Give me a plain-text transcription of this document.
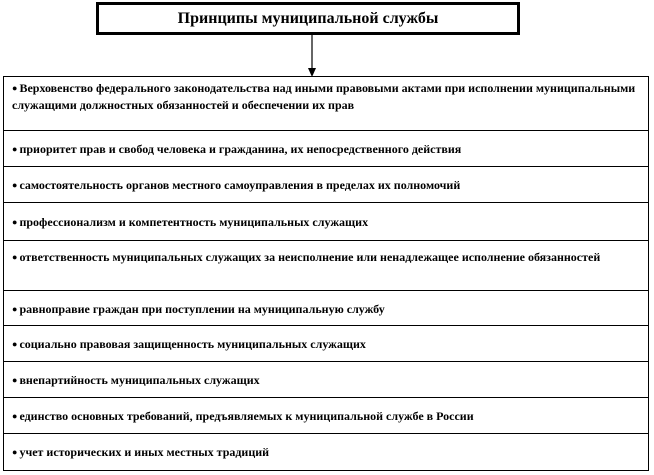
Принципы муниципальной службы
● Верховенство федерального законодательства над иными правовыми актами при исполнении муниципальными служащими должностных обязанностей и обеспечении их прав
● приоритет прав и свобод человека и гражданина, их непосредственного действия
● самостоятельность органов местного самоуправления в пределах их полномочий
● профессионализм и компетентность муниципальных служащих
● ответственность муниципальных служащих за неисполнение или ненадлежащее исполнение обязанностей
● равноправие граждан при поступлении на муниципальную службу
● социально правовая защищенность муниципальных служащих
● внепартийность муниципальных служащих
● единство основных требований, предъявляемых к муниципальной службе в России
● учет исторических и иных местных традиций
